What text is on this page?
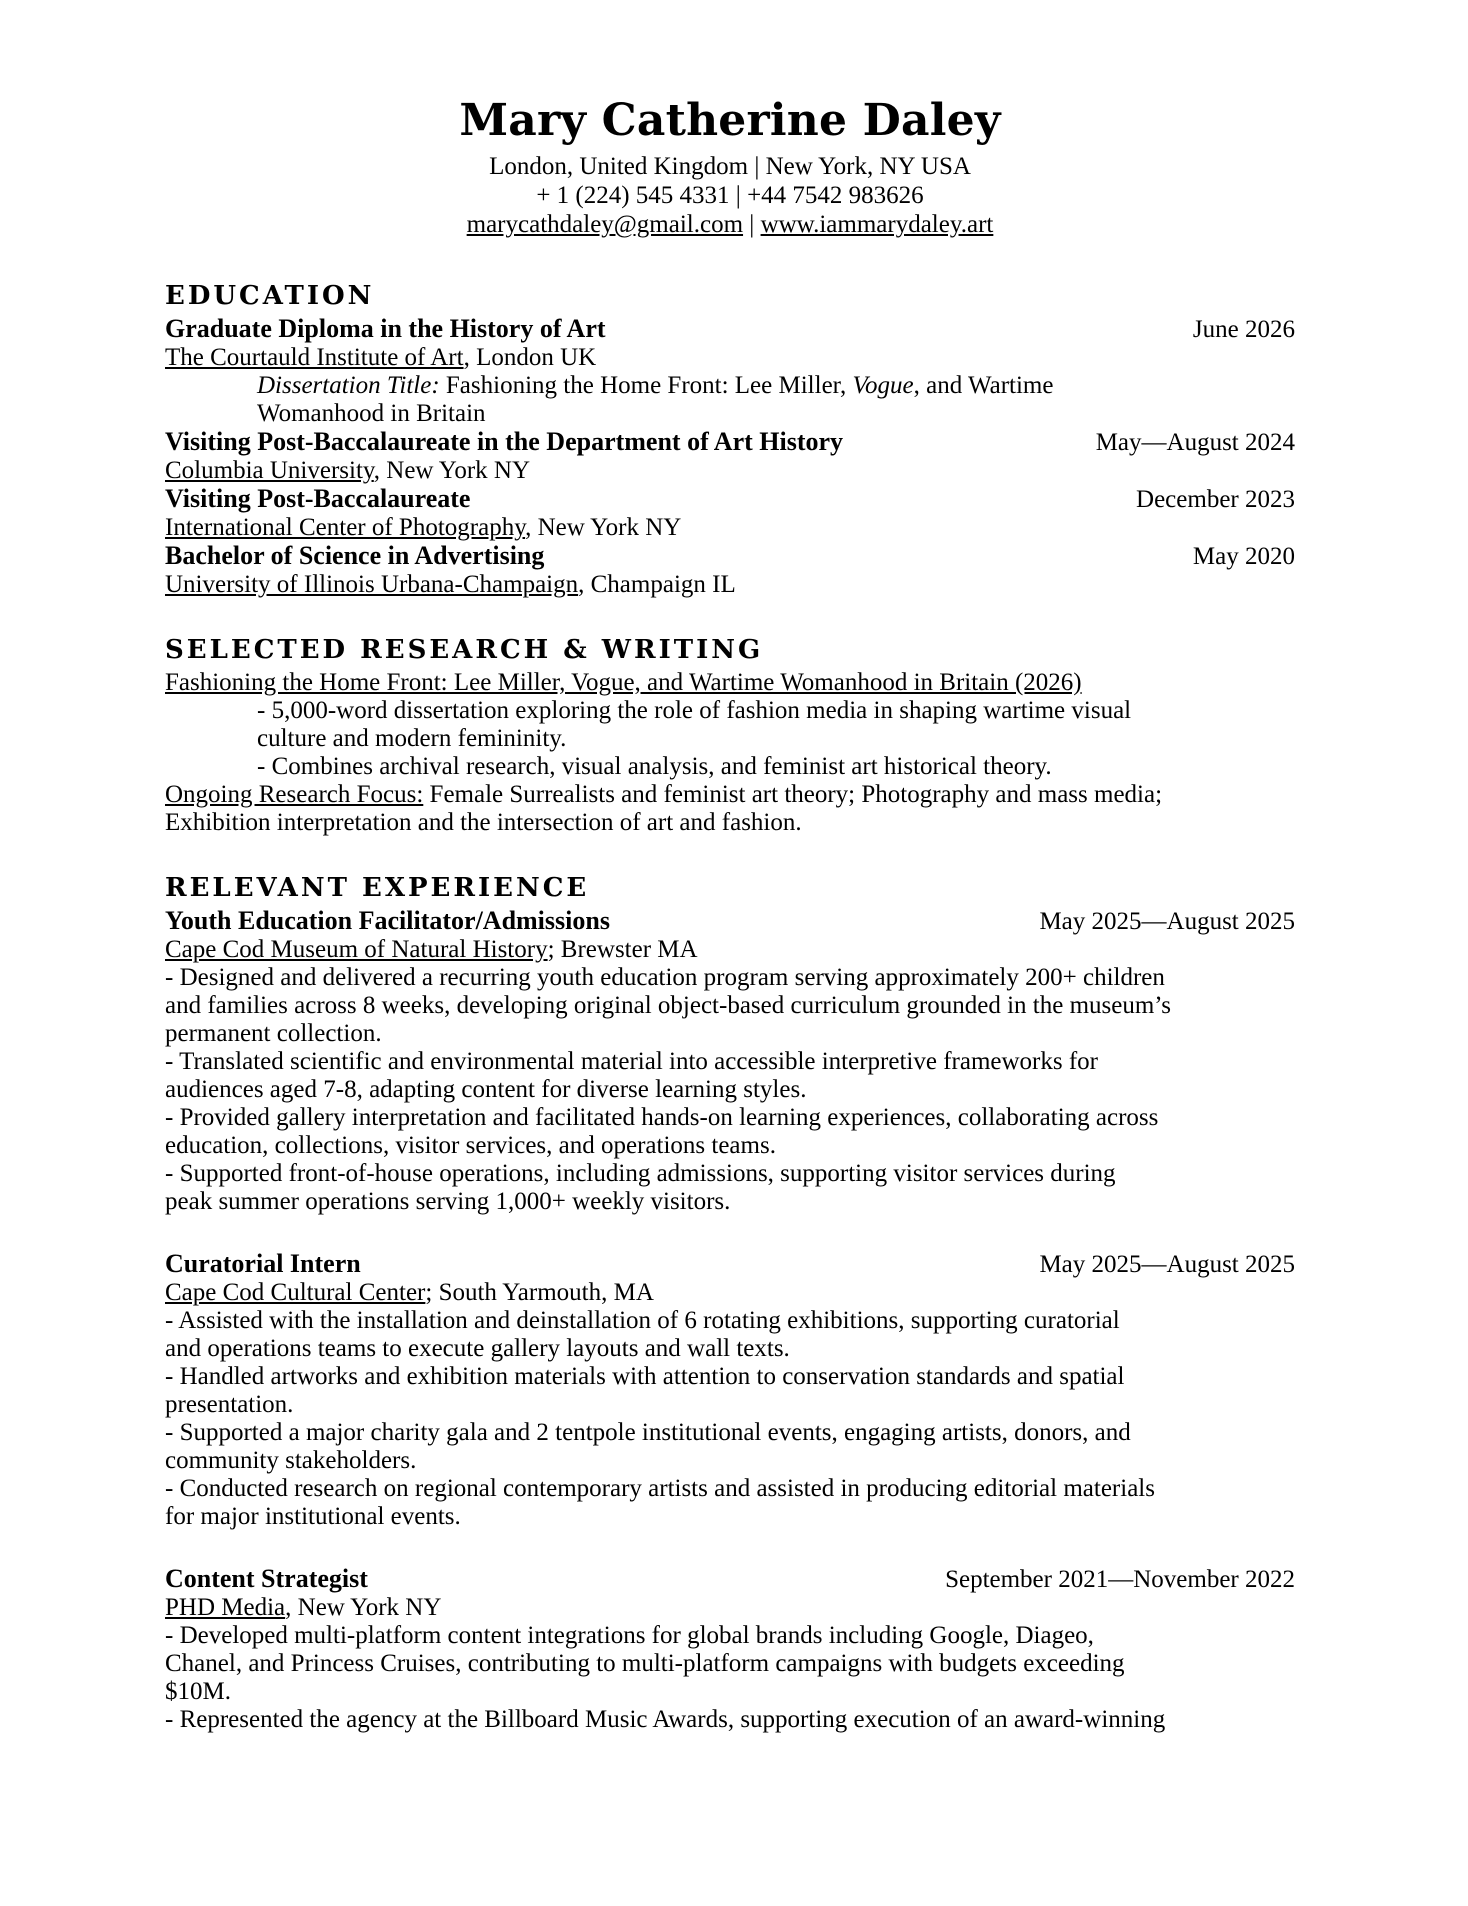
Mary Catherine Daley
London, United Kingdom | New York, NY USA
+ 1 (224) 545 4331 | +44 7542 983626
marycathdaley@gmail.com | www.iammarydaley.art
EDUCATION
Graduate Diploma in the History of Art	June 2026
The Courtauld Institute of Art, London UK
Dissertation Title: Fashioning the Home Front: Lee Miller, Vogue, and Wartime
Womanhood in Britain
Visiting Post-Baccalaureate in the Department of Art History	May—August 2024
Columbia University, New York NY
Visiting Post-Baccalaureate	December 2023
International Center of Photography, New York NY
Bachelor of Science in Advertising	May 2020
University of Illinois Urbana-Champaign, Champaign IL
SELECTED RESEARCH & WRITING
Fashioning the Home Front: Lee Miller, Vogue, and Wartime Womanhood in Britain (2026)
- 5,000-word dissertation exploring the role of fashion media in shaping wartime visual
culture and modern femininity.
- Combines archival research, visual analysis, and feminist art historical theory.
Ongoing Research Focus: Female Surrealists and feminist art theory; Photography and mass media;
Exhibition interpretation and the intersection of art and fashion.
RELEVANT EXPERIENCE
Youth Education Facilitator/Admissions	May 2025—August 2025
Cape Cod Museum of Natural History; Brewster MA
- Designed and delivered a recurring youth education program serving approximately 200+ children
and families across 8 weeks, developing original object-based curriculum grounded in the museum’s
permanent collection.
- Translated scientific and environmental material into accessible interpretive frameworks for
audiences aged 7-8, adapting content for diverse learning styles.
- Provided gallery interpretation and facilitated hands-on learning experiences, collaborating across
education, collections, visitor services, and operations teams.
- Supported front-of-house operations, including admissions, supporting visitor services during
peak summer operations serving 1,000+ weekly visitors.
Curatorial Intern	May 2025—August 2025
Cape Cod Cultural Center; South Yarmouth, MA
- Assisted with the installation and deinstallation of 6 rotating exhibitions, supporting curatorial
and operations teams to execute gallery layouts and wall texts.
- Handled artworks and exhibition materials with attention to conservation standards and spatial
presentation.
- Supported a major charity gala and 2 tentpole institutional events, engaging artists, donors, and
community stakeholders.
- Conducted research on regional contemporary artists and assisted in producing editorial materials
for major institutional events.
Content Strategist	September 2021—November 2022
PHD Media, New York NY
- Developed multi-platform content integrations for global brands including Google, Diageo,
Chanel, and Princess Cruises, contributing to multi-platform campaigns with budgets exceeding
$10M.
- Represented the agency at the Billboard Music Awards, supporting execution of an award-winning
